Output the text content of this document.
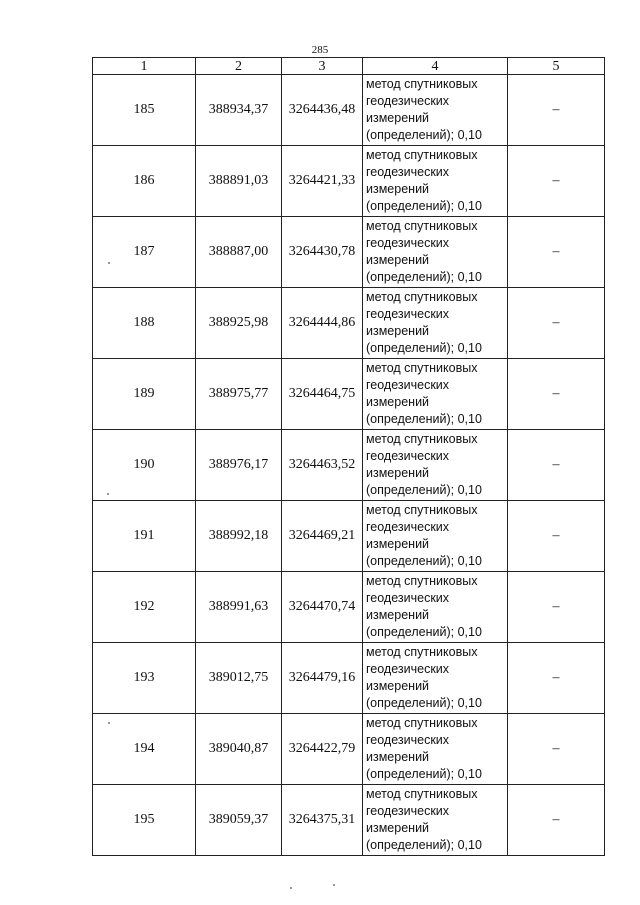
285
1	2	3	4	5
185	388934,37	3264436,48	метод спутниковых
геодезических
измерений
(определений); 0,10	–
186	388891,03	3264421,33	метод спутниковых
геодезических
измерений
(определений); 0,10	–
187	388887,00	3264430,78	метод спутниковых
геодезических
измерений
(определений); 0,10	–
188	388925,98	3264444,86	метод спутниковых
геодезических
измерений
(определений); 0,10	–
189	388975,77	3264464,75	метод спутниковых
геодезических
измерений
(определений); 0,10	–
190	388976,17	3264463,52	метод спутниковых
геодезических
измерений
(определений); 0,10	–
191	388992,18	3264469,21	метод спутниковых
геодезических
измерений
(определений); 0,10	–
192	388991,63	3264470,74	метод спутниковых
геодезических
измерений
(определений); 0,10	–
193	389012,75	3264479,16	метод спутниковых
геодезических
измерений
(определений); 0,10	–
194	389040,87	3264422,79	метод спутниковых
геодезических
измерений
(определений); 0,10	–
195	389059,37	3264375,31	метод спутниковых
геодезических
измерений
(определений); 0,10	–
